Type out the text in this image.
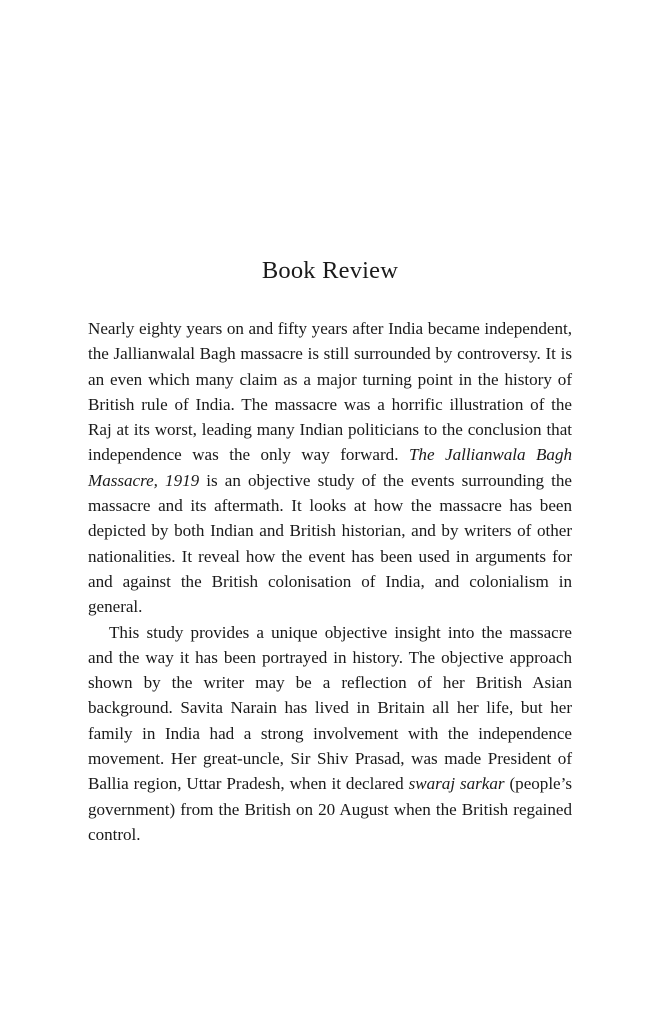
Book Review

Nearly eighty years on and fifty years after India became independent, the Jallianwalal Bagh massacre is still surrounded by controversy. It is an even which many claim as a major turning point in the history of British rule of India. The massacre was a horrific illustration of the Raj at its worst, leading many Indian politicians to the conclusion that independence was the only way forward. The Jallianwala Bagh Massacre, 1919 is an objective study of the events surrounding the massacre and its aftermath. It looks at how the massacre has been depicted by both Indian and British historian, and by writers of other nationalities. It reveal how the event has been used in arguments for and against the British colonisation of India, and colonialism in general.

This study provides a unique objective insight into the massacre and the way it has been portrayed in history. The objective approach shown by the writer may be a reflection of her British Asian background. Savita Narain has lived in Britain all her life, but her family in India had a strong involvement with the independence movement. Her great-uncle, Sir Shiv Prasad, was made President of Ballia region, Uttar Pradesh, when it declared swaraj sarkar (people’s government) from the British on 20 August when the British regained control.
